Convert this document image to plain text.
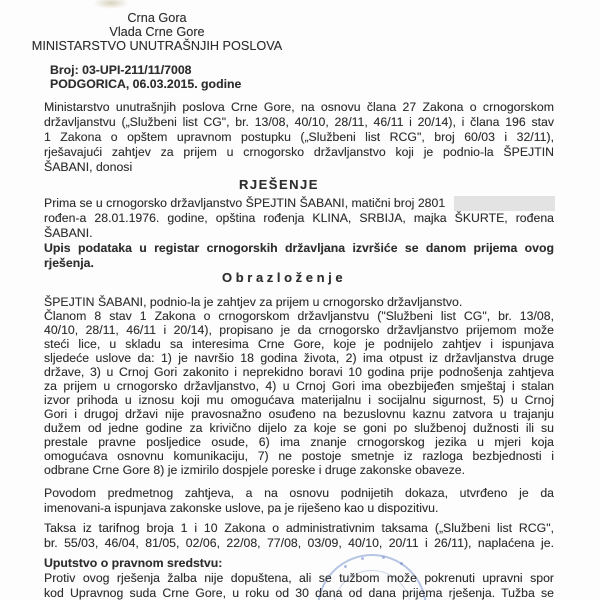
Crna Gora
Vlada Crne Gore
MINISTARSTVO UNUTRAŠNJIH POSLOVA
Broj: 03-UPI-211/11/7008
PODGORICA, 06.03.2015. godine
Ministarstvo unutrašnjih poslova Crne Gore, na osnovu člana 27 Zakona o crnogorskom
državljanstvu („Službeni list CG", br. 13/08, 40/10, 28/11, 46/11 i 20/14), i člana 196 stav
1 Zakona o opštem upravnom postupku („Službeni list RCG", broj 60/03 i 32/11),
rješavajući zahtjev za prijem u crnogorsko državljanstvo koji je podnio-la ŠPEJTIN
ŠABANI, donosi
RJEŠENJE
Prima se u crnogorsko državljanstvo ŠPEJTIN ŠABANI, matični broj 2801
rođen-a 28.01.1976. godine, opština rođenja KLINA, SRBIJA, majka ŠKURTE, rođena
ŠABANI.
Upis podataka u registar crnogorskih državljana izvršiće se danom prijema ovog
rješenja.
O b r a z l o ž e n j e
ŠPEJTIN ŠABANI, podnio-la je zahtjev za prijem u crnogorsko državljanstvo.
Članom 8 stav 1 Zakona o crnogorskom državljanstvu ("Službeni list CG", br. 13/08,
40/10, 28/11, 46/11 i 20/14), propisano je da crnogorsko državljanstvo prijemom može
steći lice, u skladu sa interesima Crne Gore, koje je podnijelo zahtjev i ispunjava
sljedeće uslove da: 1) je navršio 18 godina života, 2) ima otpust iz državljanstva druge
države, 3) u Crnoj Gori zakonito i neprekidno boravi 10 godina prije podnošenja zahtjeva
za prijem u crnogorsko državljanstvo, 4) u Crnoj Gori ima obezbijeđen smještaj i stalan
izvor prihoda u iznosu koji mu omogućava materijalnu i socijalnu sigurnost, 5) u Crnoj
Gori i drugoj državi nije pravosnažno osuđeno na bezuslovnu kaznu zatvora u trajanju
dužem od jedne godine za krivično dijelo za koje se goni po službenoj dužnosti ili su
prestale pravne posljedice osude, 6) ima znanje crnogorskog jezika u mjeri koja
omogućava osnovnu komunikaciju, 7) ne postoje smetnje iz razloga bezbjednosti i
odbrane Crne Gore 8) je izmirilo dospjele poreske i druge zakonske obaveze.
Povodom predmetnog zahtjeva, a na osnovu podnijetih dokaza, utvrđeno je da
imenovani-a ispunjava zakonske uslove, pa je riješeno kao u dispozitivu.
Taksa iz tarifnog broja 1 i 10 Zakona o administrativnim taksama („Službeni list RCG",
br. 55/03, 46/04, 81/05, 02/06, 22/08, 77/08, 03/09, 40/10, 20/11 i 26/11), naplaćena je.
Uputstvo o pravnom sredstvu:
Protiv ovog rješenja žalba nije dopuštena, ali se tužbom može pokrenuti upravni spor
kod Upravnog suda Crne Gore, u roku od 30 dana od dana prijema rješenja. Tužba se
